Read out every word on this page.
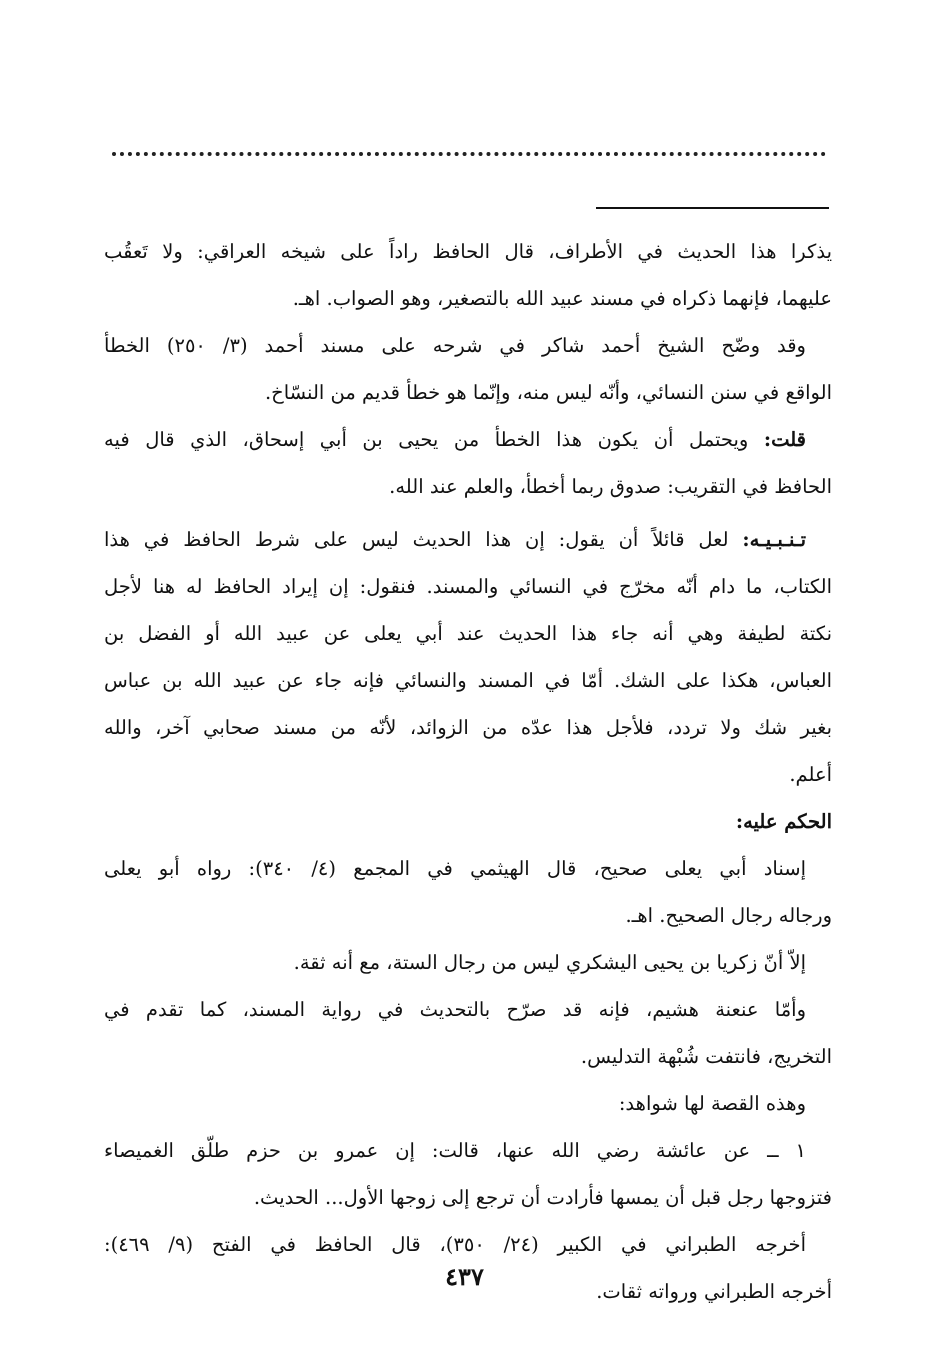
يذكرا هذا الحديث في الأطراف، قال الحافظ راداً على شيخه العراقي: ولا تَعقُب
عليهما، فإنهما ذكراه في مسند عبيد الله بالتصغير، وهو الصواب. اهـ.
وقد وضّح الشيخ أحمد شاكر في شرحه على مسند أحمد (٣/ ٢٥٠) الخطأ
الواقع في سنن النسائي، وأنّه ليس منه، وإنّما هو خطأ قديم من النسّاخ.
قلت: ويحتمل أن يكون هذا الخطأ من يحيى بن أبي إسحاق، الذي قال فيه
الحافظ في التقريب: صدوق ربما أخطأ، والعلم عند الله.
تـنـبـيـه: لعل قائلاً أن يقول: إن هذا الحديث ليس على شرط الحافظ في هذا
الكتاب، ما دام أنّه مخرّج في النسائي والمسند. فنقول: إن إيراد الحافظ له هنا لأجل
نكتة لطيفة وهي أنه جاء هذا الحديث عند أبي يعلى عن عبيد الله أو الفضل بن
العباس، هكذا على الشك. أمّا في المسند والنسائي فإنه جاء عن عبيد الله بن عباس
بغير شك ولا تردد، فلأجل هذا عدّه من الزوائد، لأنّه من مسند صحابي آخر، والله
أعلم.
الحكم عليه:
إسناد أبي يعلى صحيح، قال الهيثمي في المجمع (٤/ ٣٤٠): رواه أبو يعلى
ورجاله رجال الصحيح. اهـ.
إلاّ أنّ زكريا بن يحيى اليشكري ليس من رجال الستة، مع أنه ثقة.
وأمّا عنعنة هشيم، فإنه قد صرّح بالتحديث في رواية المسند، كما تقدم في
التخريج، فانتفت شُبْهة التدليس.
وهذه القصة لها شواهد:
١ ــ عن عائشة رضي الله عنها، قالت: إن عمرو بن حزم طلّق الغميصاء
فتزوجها رجل قبل أن يمسها فأرادت أن ترجع إلى زوجها الأول... الحديث.
أخرجه الطبراني في الكبير (٢٤/ ٣٥٠)، قال الحافظ في الفتح (٩/ ٤٦٩):
أخرجه الطبراني ورواته ثقات.
٤٣٧
